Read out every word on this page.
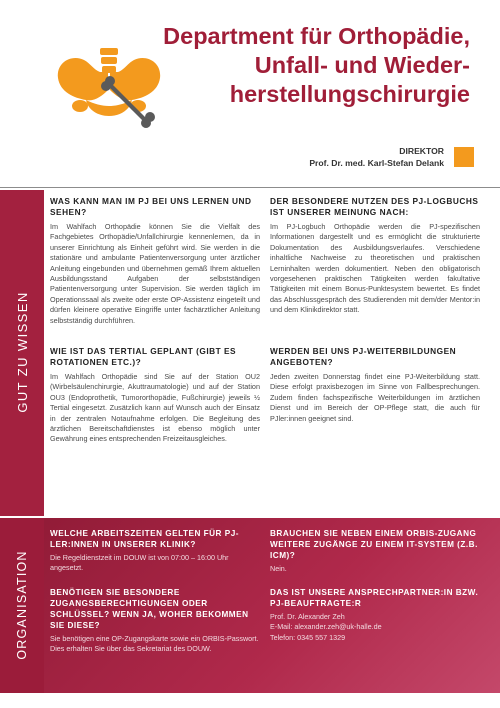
Department für Orthopädie,
Unfall- und Wieder-
herstellungschirurgie
DIREKTOR
Prof. Dr. med. Karl-Stefan Delank
GUT ZU WISSEN
WAS KANN MAN IM PJ BEI UNS LERNEN UND SEHEN?
Im Wahlfach Orthopädie können Sie die Vielfalt des Fachgebietes Orthopädie/Unfallchirurgie kennenlernen, da in unserer Einrichtung als Einheit geführt wird. Sie werden in die stationäre und ambulante Patientenversorgung unter ärztlicher Anleitung eingebunden und übernehmen gemäß Ihrem aktuellen Ausbildungsstand Aufgaben der selbstständigen Patientenversorgung unter Supervision. Sie werden täglich im Operationssaal als zweite oder erste OP-Assistenz eingeteilt und dürfen kleinere operative Eingriffe unter fachärztlicher Anleitung selbstständig durchführen.
DER BESONDERE NUTZEN DES PJ-LOGBUCHS IST UNSERER MEINUNG NACH:
Im PJ-Logbuch Orthopädie werden die PJ-spezifischen Informationen dargestellt und es ermöglicht die strukturierte Dokumentation des Ausbildungsverlaufes. Verschiedene inhaltliche Nachweise zu theoretischen und praktischen Lerninhalten werden dokumentiert. Neben den obligatorisch vorgesehenen praktischen Tätigkeiten werden fakultative Tätigkeiten mit einem Bonus-Punktesystem bewertet. Es findet das Abschlussgespräch des Studierenden mit dem/der Mentor:in und dem Klinikdirektor statt.
WIE IST DAS TERTIAL GEPLANT (GIBT ES ROTATIONEN ETC.)?
Im Wahlfach Orthopädie sind Sie auf der Station OU2 (Wirbelsäulenchirurgie, Akuttraumatologie) und auf der Station OU3 (Endoprothetik, Tumororthopädie, Fußchirurgie) jeweils ½ Tertial eingesetzt. Zusätzlich kann auf Wunsch auch der Einsatz in der zentralen Notaufnahme erfolgen. Die Begleitung des ärztlichen Bereitschaftdienstes ist ebenso möglich unter Gewährung eines entsprechenden Freizeitausgleiches.
WERDEN BEI UNS PJ-WEITERBILDUNGEN ANGEBOTEN?
Jeden zweiten Donnerstag findet eine PJ-Weiterbildung statt. Diese erfolgt praxisbezogen im Sinne von Fallbesprechungen. Zudem finden fachspezifische Weiterbildungen im ärztlichen Dienst und im Bereich der OP-Pflege statt, die auch für PJler:innen geeignet sind.
ORGANISATION
WELCHE ARBEITSZEITEN GELTEN FÜR PJ-LER:INNEN IN UNSERER KLINIK?
Die Regeldienstzeit im DOUW ist von 07:00 – 16:00 Uhr angesetzt.
BENÖTIGEN SIE BESONDERE ZUGANGSBERECHTIGUNGEN ODER SCHLÜSSEL? WENN JA, WOHER BEKOMMEN SIE DIESE?
Sie benötigen eine OP-Zugangskarte sowie ein ORBIS-Passwort. Dies erhalten Sie über das Sekretariat des DOUW.
BRAUCHEN SIE NEBEN EINEM ORBIS-ZUGANG WEITERE ZUGÄNGE ZU EINEM IT-SYSTEM (Z.B. ICM)?
Nein.
DAS IST UNSERE ANSPRECHPARTNER:IN BZW. PJ-BEAUFTRAGTE:R
Prof. Dr. Alexander Zeh
E-Mail: alexander.zeh@uk-halle.de
Telefon: 0345 557 1329
